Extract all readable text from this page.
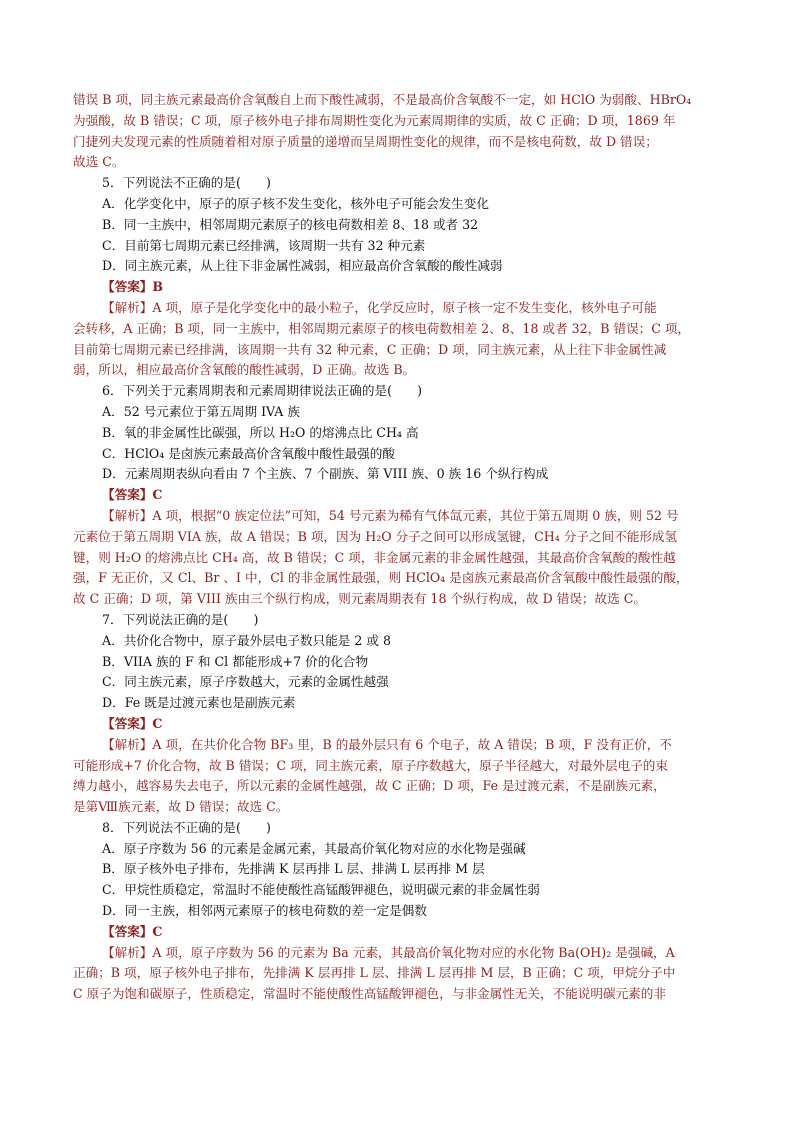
错误 B 项，同主族元素最高价含氧酸自上而下酸性减弱，不是最高价含氧酸不一定，如 HClO 为弱酸、HBrO₄
为强酸，故 B 错误；C 项，原子核外电子排布周期性变化为元素周期律的实质，故 C 正确；D 项，1869 年
门捷列夫发现元素的性质随着相对原子质量的递增而呈周期性变化的规律，而不是核电荷数，故 D 错误；
故选 C。
5．下列说法不正确的是(　　)
A．化学变化中，原子的原子核不发生变化，核外电子可能会发生变化
B．同一主族中，相邻周期元素原子的核电荷数相差 8、18 或者 32
C．目前第七周期元素已经排满，该周期一共有 32 种元素
D．同主族元素，从上往下非金属性减弱，相应最高价含氧酸的酸性减弱
【答案】B
【解析】A 项，原子是化学变化中的最小粒子，化学反应时，原子核一定不发生变化，核外电子可能
会转移，A 正确；B 项，同一主族中，相邻周期元素原子的核电荷数相差 2、8、18 或者 32，B 错误；C 项，
目前第七周期元素已经排满，该周期一共有 32 种元素，C 正确；D 项，同主族元素，从上往下非金属性减
弱，所以，相应最高价含氧酸的酸性减弱，D 正确。故选 B。
6．下列关于元素周期表和元素周期律说法正确的是(　　)
A．52 号元素位于第五周期 IVA 族
B．氧的非金属性比碳强，所以 H₂O 的熔沸点比 CH₄ 高
C．HClO₄ 是卤族元素最高价含氧酸中酸性最强的酸
D．元素周期表纵向看由 7 个主族、7 个副族、第 VIII 族、0 族 16 个纵行构成
【答案】C
【解析】A 项，根据“0 族定位法”可知，54 号元素为稀有气体氙元素，其位于第五周期 0 族，则 52 号
元素位于第五周期 VIA 族，故 A 错误；B 项，因为 H₂O 分子之间可以形成氢键，CH₄ 分子之间不能形成氢
键，则 H₂O 的熔沸点比 CH₄ 高，故 B 错误；C 项，非金属元素的非金属性越强，其最高价含氧酸的酸性越
强，F 无正价，又 Cl、Br 、I 中，Cl 的非金属性最强，则 HClO₄ 是卤族元素最高价含氧酸中酸性最强的酸，
故 C 正确；D 项，第 VIII 族由三个纵行构成，则元素周期表有 18 个纵行构成，故 D 错误；故选 C。
7．下列说法正确的是(　　)
A．共价化合物中，原子最外层电子数只能是 2 或 8
B．VIIA 族的 F 和 Cl 都能形成+7 价的化合物
C．同主族元素，原子序数越大，元素的金属性越强
D．Fe 既是过渡元素也是副族元素
【答案】C
【解析】A 项，在共价化合物 BF₃ 里，B 的最外层只有 6 个电子，故 A 错误；B 项，F 没有正价，不
可能形成+7 价化合物，故 B 错误；C 项，同主族元素，原子序数越大，原子半径越大，对最外层电子的束
缚力越小，越容易失去电子，所以元素的金属性越强，故 C 正确；D 项，Fe 是过渡元素，不是副族元素，
是第Ⅷ族元素，故 D 错误；故选 C。
8．下列说法不正确的是(　　)
A．原子序数为 56 的元素是金属元素，其最高价氧化物对应的水化物是强碱
B．原子核外电子排布，先排满 K 层再排 L 层、排满 L 层再排 M 层
C．甲烷性质稳定，常温时不能使酸性高锰酸钾褪色，说明碳元素的非金属性弱
D．同一主族，相邻两元素原子的核电荷数的差一定是偶数
【答案】C
【解析】A 项，原子序数为 56 的元素为 Ba 元素，其最高价氧化物对应的水化物 Ba(OH)₂ 是强碱，A
正确；B 项，原子核外电子排布，先排满 K 层再排 L 层、排满 L 层再排 M 层，B 正确；C 项，甲烷分子中
C 原子为饱和碳原子，性质稳定，常温时不能使酸性高锰酸钾褪色，与非金属性无关，不能说明碳元素的非
